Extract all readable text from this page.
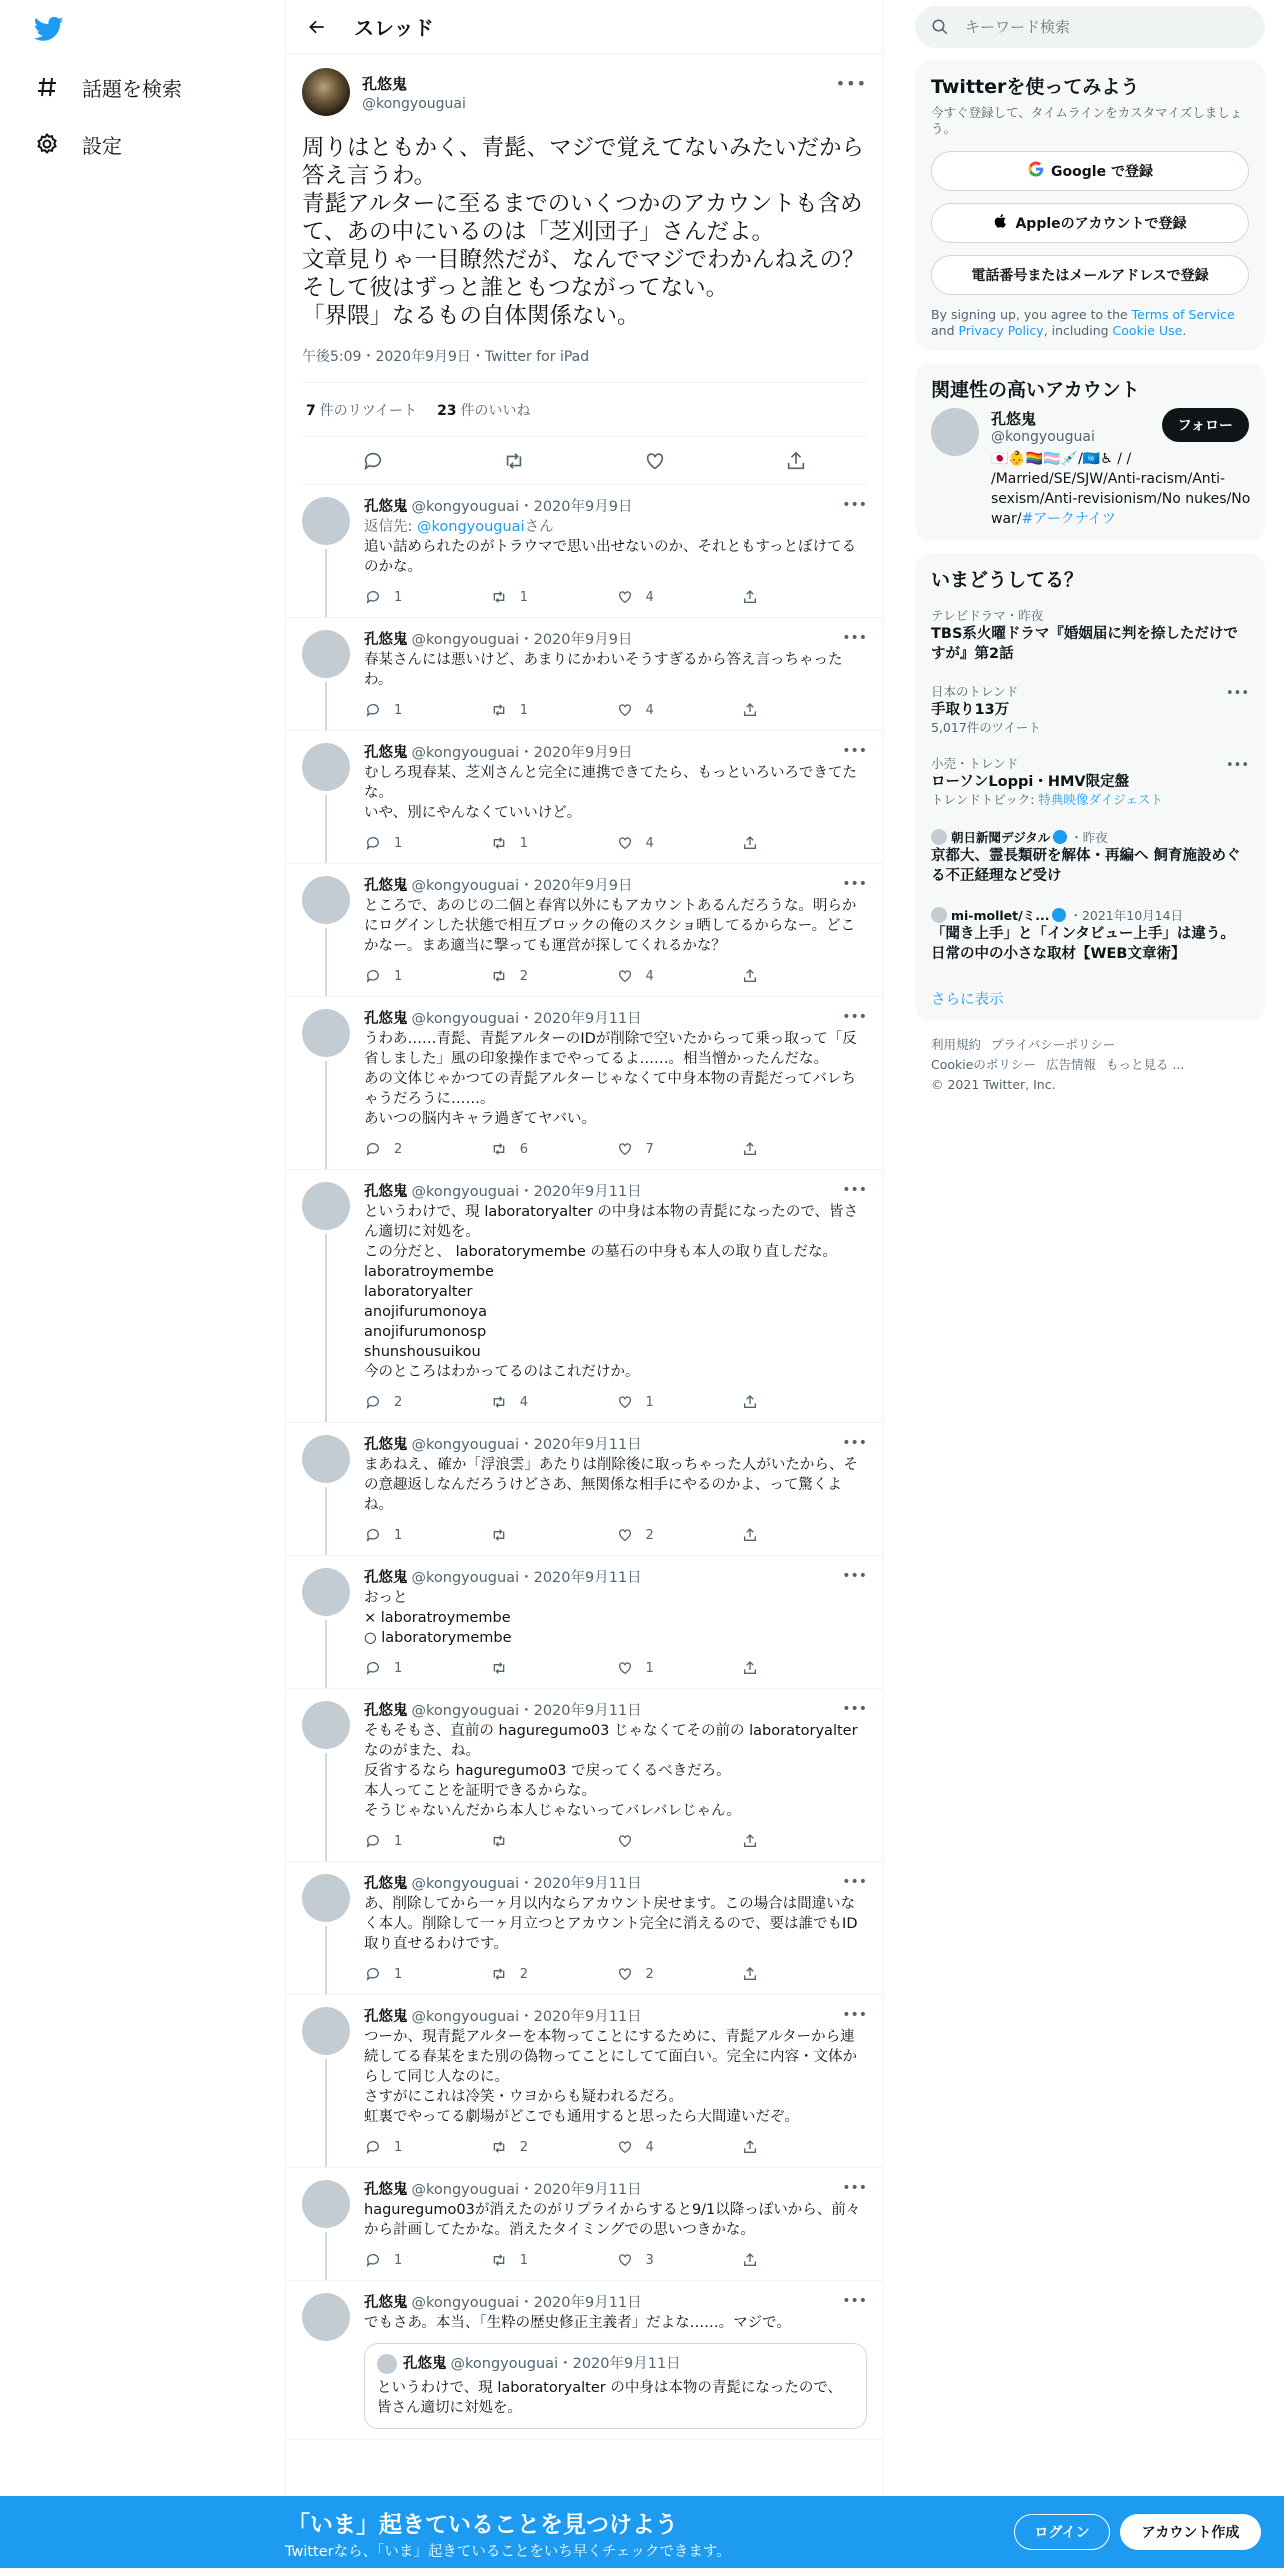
話題を検索
設定
スレッド
孔悠鬼
@kongyouguai
•••
周りはともかく、青髭、マジで覚えてないみたいだから答え言うわ。
青髭アルターに至るまでのいくつかのアカウントも含めて、あの中にいるのは「芝刈団子」さんだよ。
文章見りゃ一目瞭然だが、なんでマジでわかんねえの？
そして彼はずっと誰ともつながってない。
「界隈」なるもの自体関係ない。
午後5:09・2020年9月9日・Twitter for iPad
7 件のリツイート 23 件のいいね
•••
孔悠鬼 @kongyouguai・2020年9月9日
返信先: @kongyouguaiさん
追い詰められたのがトラウマで思い出せないのか、それともすっとぼけてるのかな。
1	1	4
•••
孔悠鬼 @kongyouguai・2020年9月9日
春某さんには悪いけど、あまりにかわいそうすぎるから答え言っちゃったわ。
1	1	4
•••
孔悠鬼 @kongyouguai・2020年9月9日
むしろ現春某、芝刈さんと完全に連携できてたら、もっといろいろできてたな。
いや、別にやんなくていいけど。
1	1	4
•••
孔悠鬼 @kongyouguai・2020年9月9日
ところで、あのじの二個と春宵以外にもアカウントあるんだろうな。明らかにログインした状態で相互ブロックの俺のスクショ晒してるからなー。どこかなー。まあ適当に撃っても運営が探してくれるかな？
1	2	4
•••
孔悠鬼 @kongyouguai・2020年9月11日
うわあ……青髭、青髭アルターのIDが削除で空いたからって乗っ取って「反省しました」風の印象操作までやってるよ……。相当憎かったんだな。
あの文体じゃかつての青髭アルターじゃなくて中身本物の青髭だってバレちゃうだろうに……。
あいつの脳内キャラ過ぎてヤバい。
2	6	7
•••
孔悠鬼 @kongyouguai・2020年9月11日
というわけで、現 laboratoryalter の中身は本物の青髭になったので、皆さん適切に対処を。
この分だと、 laboratorymembe の墓石の中身も本人の取り直しだな。
laboratroymembe
laboratoryalter
anojifurumonoya
anojifurumonosp
shunshousuikou
今のところはわかってるのはこれだけか。
2	4	1
•••
孔悠鬼 @kongyouguai・2020年9月11日
まあねえ、確か「浮浪雲」あたりは削除後に取っちゃった人がいたから、その意趣返しなんだろうけどさあ、無関係な相手にやるのかよ、って驚くよね。
1	2
•••
孔悠鬼 @kongyouguai・2020年9月11日
おっと
× laboratroymembe
○ laboratorymembe
1	1
•••
孔悠鬼 @kongyouguai・2020年9月11日
そもそもさ、直前の haguregumo03 じゃなくてその前の laboratoryalter なのがまた、ね。
反省するなら haguregumo03 で戻ってくるべきだろ。
本人ってことを証明できるからな。
そうじゃないんだから本人じゃないってバレバレじゃん。
1
•••
孔悠鬼 @kongyouguai・2020年9月11日
あ、削除してから一ヶ月以内ならアカウント戻せます。この場合は間違いなく本人。削除して一ヶ月立つとアカウント完全に消えるので、要は誰でもID取り直せるわけです。
1	2	2
•••
孔悠鬼 @kongyouguai・2020年9月11日
つーか、現青髭アルターを本物ってことにするために、青髭アルターから連続してる春某をまた別の偽物ってことにしてて面白い。完全に内容・文体からして同じ人なのに。
さすがにこれは冷笑・ウヨからも疑われるだろ。
虹裏でやってる劇場がどこでも通用すると思ったら大間違いだぞ。
1	2	4
•••
孔悠鬼 @kongyouguai・2020年9月11日
haguregumo03が消えたのがリプライからすると9/1以降っぽいから、前々から計画してたかな。消えたタイミングでの思いつきかな。
1	1	3
•••
孔悠鬼 @kongyouguai・2020年9月11日
でもさあ。本当、「生粋の歴史修正主義者」だよな……。マジで。
孔悠鬼 @kongyouguai・2020年9月11日
というわけで、現 laboratoryalter の中身は本物の青髭になったので、皆さん適切に対処を。
キーワード検索
Twitterを使ってみよう
今すぐ登録して、タイムラインをカスタマイズしましょう。
Google で登録
Appleのアカウントで登録
電話番号またはメールアドレスで登録
By signing up, you agree to the Terms of Service and Privacy Policy, including Cookie Use.
関連性の高いアカウント
孔悠鬼
@kongyouguai
🇯🇵👶🏳️‍🌈🏳️‍⚧️💉/🇺🇳♿ / / /Married/SE/SJW/Anti-racism/Anti-sexism/Anti-revisionism/No nukes/No war/#アークナイツ
フォロー
いまどうしてる？
テレビドラマ・昨夜
TBS系火曜ドラマ『婚姻届に判を捺しただけですが』第2話
日本のトレンド
手取り13万
5,017件のツイート
•••
小売・トレンド
ローソンLoppi・HMV限定盤
トレンドトピック: 特典映像ダイジェスト
•••
朝日新聞デジタル ・昨夜
京都大、霊長類研を解体・再編へ 飼育施設めぐる不正経理など受け
mi-mollet/ミ... ・2021年10月14日
「聞き上手」と「インタビュー上手」は違う。日常の中の小さな取材【WEB文章術】
さらに表示
利用規約 プライバシーポリシー
Cookieのポリシー 広告情報 もっと見る ...
© 2021 Twitter, Inc.
「いま」起きていることを見つけよう
Twitterなら、「いま」起きていることをいち早くチェックできます。
ログイン	アカウント作成
